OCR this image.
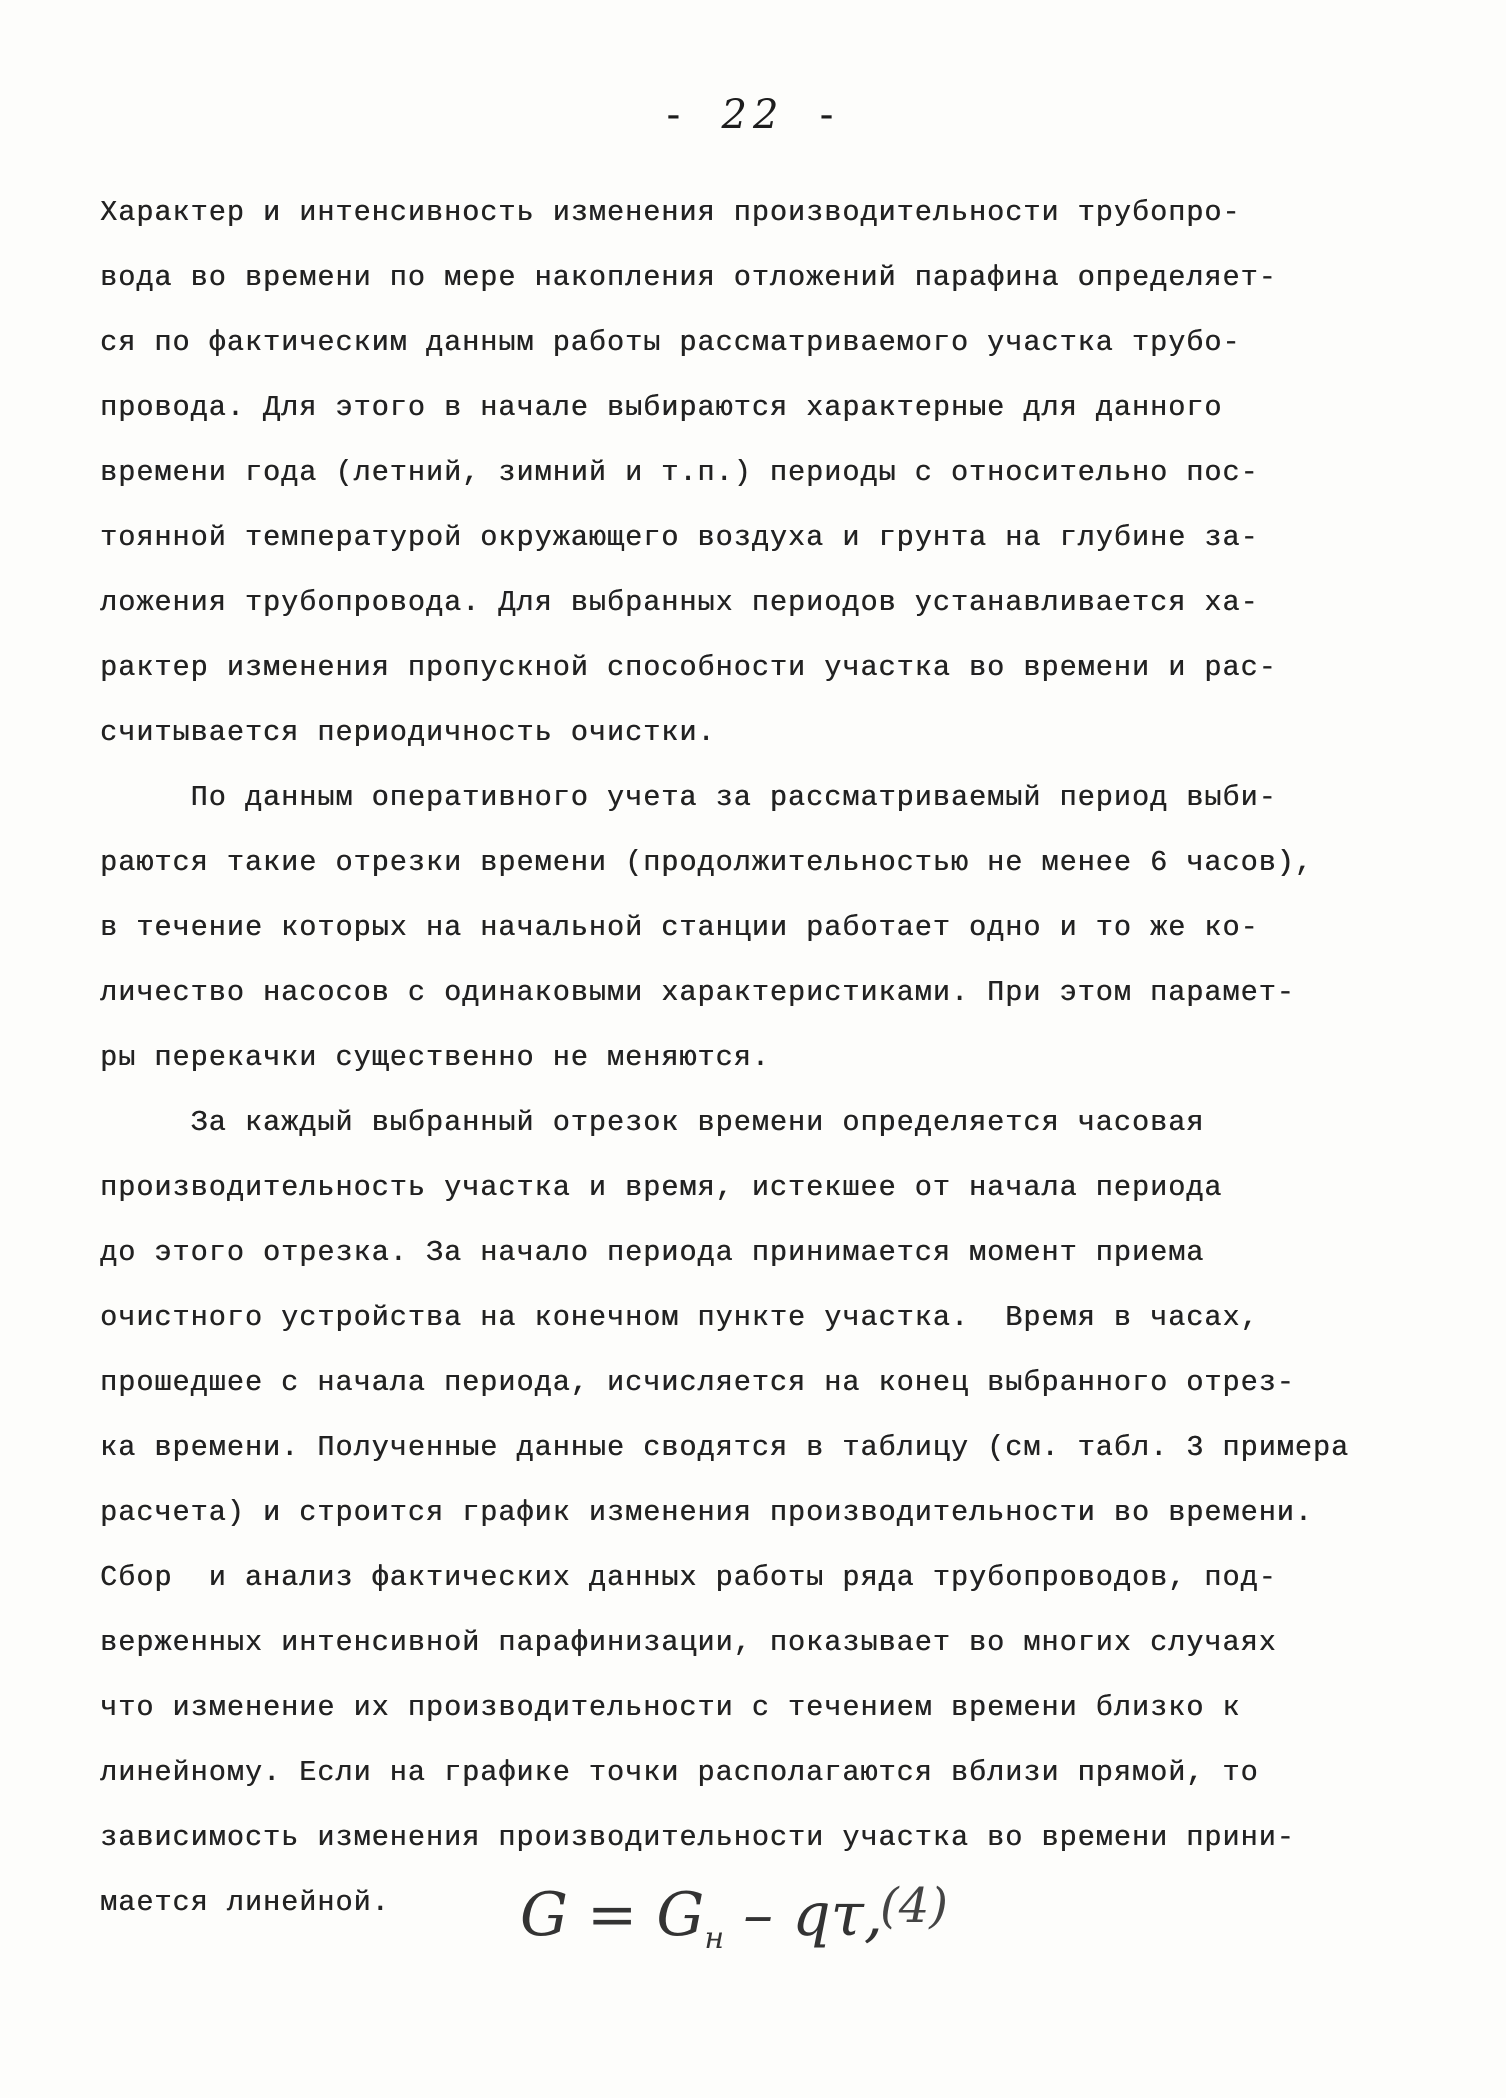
- 22 -
Характер и интенсивность изменения производительности трубопро-
вода во времени по мере накопления отложений парафина определяет-
ся по фактическим данным работы рассматриваемого участка трубо-
провода. Для этого в начале выбираются характерные для данного
времени года (летний, зимний и т.п.) периоды с относительно пос-
тоянной температурой окружающего воздуха и грунта на глубине за-
ложения трубопровода. Для выбранных периодов устанавливается ха-
рактер изменения пропускной способности участка во времени и рас-
считывается периодичность очистки.
По данным оперативного учета за рассматриваемый период выби-
раются такие отрезки времени (продолжительностью не менее 6 часов),
в течение которых на начальной станции работает одно и то же ко-
личество насосов с одинаковыми характеристиками. При этом парамет-
ры перекачки существенно не меняются.
За каждый выбранный отрезок времени определяется часовая
производительность участка и время, истекшее от начала периода
до этого отрезка. За начало периода принимается момент приема
очистного устройства на конечном пункте участка.  Время в часах,
прошедшее с начала периода, исчисляется на конец выбранного отрез-
ка времени. Полученные данные сводятся в таблицу (см. табл. 3 примера
расчета) и строится график изменения производительности во времени.
Сбор  и анализ фактических данных работы ряда трубопроводов, под-
верженных интенсивной парафинизации, показывает во многих случаях
что изменение их производительности с течением времени близко к
линейному. Если на графике точки располагаются вблизи прямой, то
зависимость изменения производительности участка во времени прини-
мается линейной.	$G = G_н - q\tau$,
(4)
